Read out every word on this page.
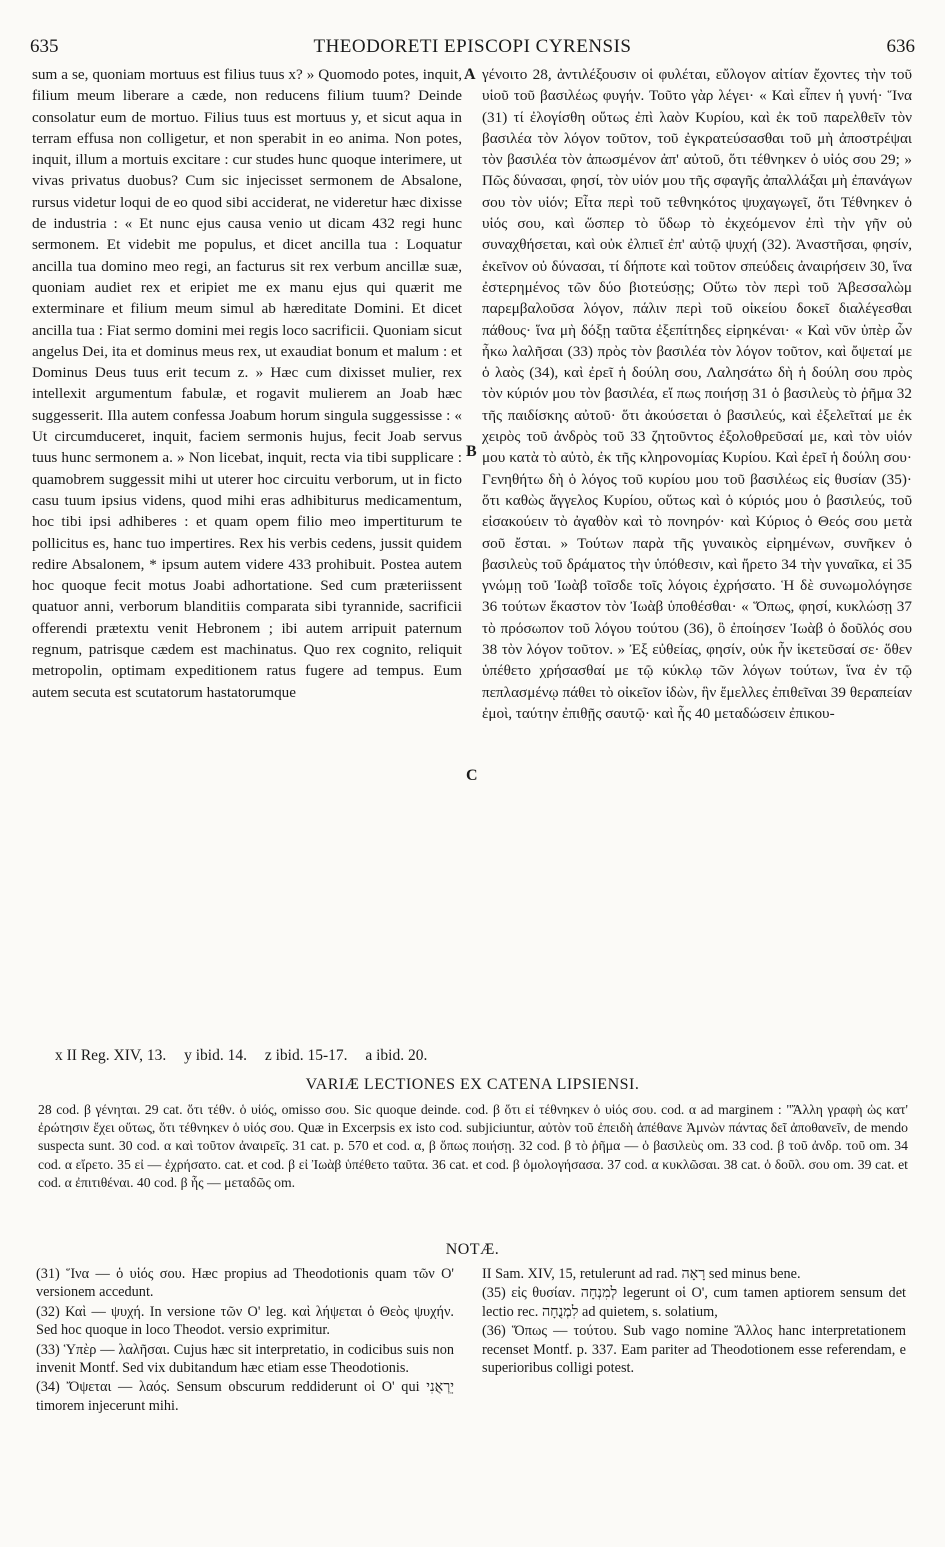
635	THEODORETI EPISCOPI CYRENSIS	636

sum a se, quoniam mortuus est filius tuus x? » Quomodo potes, inquit, filium meum liberare a cæde, non reducens filium tuum? Deinde consolatur eum de mortuo. Filius tuus est mortuus y, et sicut aqua in terram effusa non colligetur, et non sperabit in eo anima. Non potes, inquit, illum a mortuis excitare : cur studes hunc quoque interimere, ut vivas privatus duobus? Cum sic injecisset sermonem de Absalone, rursus videtur loqui de eo quod sibi acciderat, ne videretur hæc dixisse de industria : « Et nunc ejus causa venio ut dicam 432 regi hunc sermonem. Et videbit me populus, et dicet ancilla tua : Loquatur ancilla tua domino meo regi, an facturus sit rex verbum ancillæ suæ, quoniam audiet rex et eripiet me ex manu ejus qui quærit me exterminare et filium meum simul ab hæreditate Domini. Et dicet ancilla tua : Fiat sermo domini mei regis loco sacrificii. Quoniam sicut angelus Dei, ita et dominus meus rex, ut exaudiat bonum et malum : et Dominus Deus tuus erit tecum z. » Hæc cum dixisset mulier, rex intellexit argumentum fabulæ, et rogavit mulierem an Joab hæc suggesserit. Illa autem confessa Joabum horum singula suggessisse : « Ut circumduceret, inquit, faciem sermonis hujus, fecit Joab servus tuus hunc sermonem a. » Non licebat, inquit, recta via tibi supplicare : quamobrem suggessit mihi ut uterer hoc circuitu verborum, ut in ficto casu tuum ipsius videns, quod mihi eras adhibiturus medicamentum, hoc tibi ipsi adhiberes : et quam opem filio meo impertiturum te pollicitus es, hanc tuo impertires. Rex his verbis cedens, jussit quidem redire Absalonem, * ipsum autem videre 433 prohibuit. Postea autem hoc quoque fecit motus Joabi adhortatione. Sed cum præteriissent quatuor anni, verborum blanditiis comparata sibi tyrannide, sacrificii offerendi prætextu venit Hebronem ; ibi autem arripuit paternum regnum, patrisque cædem est machinatus. Quo rex cognito, reliquit metropolin, optimam expeditionem ratus fugere ad tempus. Eum autem secuta est scutatorum hastatorumque

A
B
C

γένοιτο 28, ἀντιλέξουσιν οἱ φυλέται, εὔλογον αἰτίαν ἔχοντες τὴν τοῦ υἱοῦ τοῦ βασιλέως φυγήν. Τοῦτο γὰρ λέγει· « Καὶ εἶπεν ἡ γυνή· Ἵνα (31) τί ἐλογίσθη οὕτως ἐπὶ λαὸν Κυρίου, καὶ ἐκ τοῦ παρελθεῖν τὸν βασιλέα τὸν λόγον τοῦτον, τοῦ ἐγκρατεύσασθαι τοῦ μὴ ἀποστρέψαι τὸν βασιλέα τὸν ἀπωσμένον ἀπ' αὐτοῦ, ὅτι τέθνηκεν ὁ υἱός σου 29; » Πῶς δύνασαι, φησί, τὸν υἱόν μου τῆς σφαγῆς ἀπαλλάξαι μὴ ἐπανάγων σου τὸν υἱόν; Εἶτα περὶ τοῦ τεθνηκότος ψυχαγωγεῖ, ὅτι Τέθνηκεν ὁ υἱός σου, καὶ ὥσπερ τὸ ὕδωρ τὸ ἐκχεόμενον ἐπὶ τὴν γῆν οὐ συναχθήσεται, καὶ οὐκ ἐλπιεῖ ἐπ' αὐτῷ ψυχή (32). Ἀναστῆσαι, φησίν, ἐκεῖνον οὐ δύνασαι, τί δήποτε καὶ τοῦτον σπεύδεις ἀναιρήσειν 30, ἵνα ἐστερημένος τῶν δύο βιοτεύσῃς; Οὕτω τὸν περὶ τοῦ Ἀβεσσαλὼμ παρεμβαλοῦσα λόγον, πάλιν περὶ τοῦ οἰκείου δοκεῖ διαλέγεσθαι πάθους· ἵνα μὴ δόξῃ ταῦτα ἐξεπίτηδες εἰρηκέναι· « Καὶ νῦν ὑπὲρ ὧν ἦκω λαλῆσαι (33) πρὸς τὸν βασιλέα τὸν λόγον τοῦτον, καὶ ὄψεταί με ὁ λαὸς (34), καὶ ἐρεῖ ἡ δούλη σου, Λαλησάτω δὴ ἡ δούλη σου πρὸς τὸν κύριόν μου τὸν βασιλέα, εἴ πως ποιήσῃ 31 ὁ βασιλεὺς τὸ ῥῆμα 32 τῆς παιδίσκης αὐτοῦ· ὅτι ἀκούσεται ὁ βασιλεύς, καὶ ἐξελεῖταί με ἐκ χειρὸς τοῦ ἀνδρὸς τοῦ 33 ζητοῦντος ἐξολοθρεῦσαί με, καὶ τὸν υἱόν μου κατὰ τὸ αὐτὸ, ἐκ τῆς κληρονομίας Κυρίου. Καὶ ἐρεῖ ἡ δούλη σου· Γενηθήτω δὴ ὁ λόγος τοῦ κυρίου μου τοῦ βασιλέως εἰς θυσίαν (35)· ὅτι καθὼς ἄγγελος Κυρίου, οὕτως καὶ ὁ κύριός μου ὁ βασιλεύς, τοῦ εἰσακούειν τὸ ἀγαθὸν καὶ τὸ πονηρόν· καὶ Κύριος ὁ Θεός σου μετὰ σοῦ ἔσται. » Τούτων παρὰ τῆς γυναικὸς εἰρημένων, συνῆκεν ὁ βασιλεὺς τοῦ δράματος τὴν ὑπόθεσιν, καὶ ἤρετο 34 τὴν γυναῖκα, εἰ 35 γνώμῃ τοῦ Ἰωὰβ τοῖσδε τοῖς λόγοις ἐχρήσατο. Ἡ δὲ συνωμολόγησε 36 τούτων ἕκαστον τὸν Ἰωὰβ ὑποθέσθαι· « Ὅπως, φησί, κυκλώσῃ 37 τὸ πρόσωπον τοῦ λόγου τούτου (36), ὃ ἐποίησεν Ἰωὰβ ὁ δοῦλός σου 38 τὸν λόγον τοῦτον. » Ἐξ εὐθείας, φησίν, οὐκ ἦν ἱκετεῦσαί σε· ὅθεν ὑπέθετο χρήσασθαί με τῷ κύκλῳ τῶν λόγων τούτων, ἵνα ἐν τῷ πεπλασμένῳ πάθει τὸ οἰκεῖον ἰδὼν, ἣν ἔμελλες ἐπιθεῖναι 39 θεραπείαν ἐμοὶ, ταύτην ἐπιθῇς σαυτῷ· καὶ ἧς 40 μεταδώσειν ἐπικου-

x II Reg. XIV, 13. y ibid. 14. z ibid. 15-17. a ibid. 20.
VARIÆ LECTIONES EX CATENA LIPSIENSI.

28 cod. β γένηται. 29 cat. ὅτι τέθν. ὁ υἱός, omisso σου. Sic quoque deinde. cod. β ὅτι εἰ τέθνηκεν ὁ υἱός σου. cod. α ad marginem : "Ἄλλη γραφὴ ὡς κατ' ἐρώτησιν ἔχει οὕτως, ὅτι τέθνηκεν ὁ υἱός σου. Quæ in Excerpsis ex isto cod. subjiciuntur, αὐτὸν τοῦ ἐπειδὴ ἀπέθανε Ἀμνὼν πάντας δεῖ ἀποθανεῖν, de mendo suspecta sunt. 30 cod. α καὶ τοῦτον ἀναιρεῖς. 31 cat. p. 570 et cod. α, β ὅπως ποιήσῃ. 32 cod. β τὸ ῥῆμα — ὁ βασιλεὺς om. 33 cod. β τοῦ ἀνδρ. τοῦ om. 34 cod. α εἴρετο. 35 εἰ — ἐχρήσατο. cat. et cod. β εἰ Ἰωὰβ ὑπέθετο ταῦτα. 36 cat. et cod. β ὁμολογήσασα. 37 cod. α κυκλῶσαι. 38 cat. ὁ δοῦλ. σου om. 39 cat. et cod. α ἐπιτιθέναι. 40 cod. β ἧς — μεταδῶς om.

NOTÆ.

(31) Ἵνα — ὁ υἱός σου. Hæc propius ad Theodotionis quam τῶν Ο' versionem accedunt.

(32) Καὶ — ψυχή. In versione τῶν Ο' leg. καὶ λήψεται ὁ Θεὸς ψυχήν. Sed hoc quoque in loco Theodot. versio exprimitur.

(33) Ὑπὲρ — λαλῆσαι. Cujus hæc sit interpretatio, in codicibus suis non invenit Montf. Sed vix dubitandum hæc etiam esse Theodotionis.

(34) Ὄψεται — λαός. Sensum obscurum reddiderunt οἱ Ο' qui יֵרְאֻנִי timorem injecerunt mihi.

II Sam. XIV, 15, retulerunt ad rad. רָאָה sed minus bene.

(35) εἰς θυσίαν. לְמִנְחָה legerunt οἱ Ο', cum tamen aptiorem sensum det lectio rec. לִמְנֻחָה ad quietem, s. solatium,

(36) Ὅπως — τούτου. Sub vago nomine Ἄλλος hanc interpretationem recenset Montf. p. 337. Eam pariter ad Theodotionem esse referendam, e superioribus colligi potest.
